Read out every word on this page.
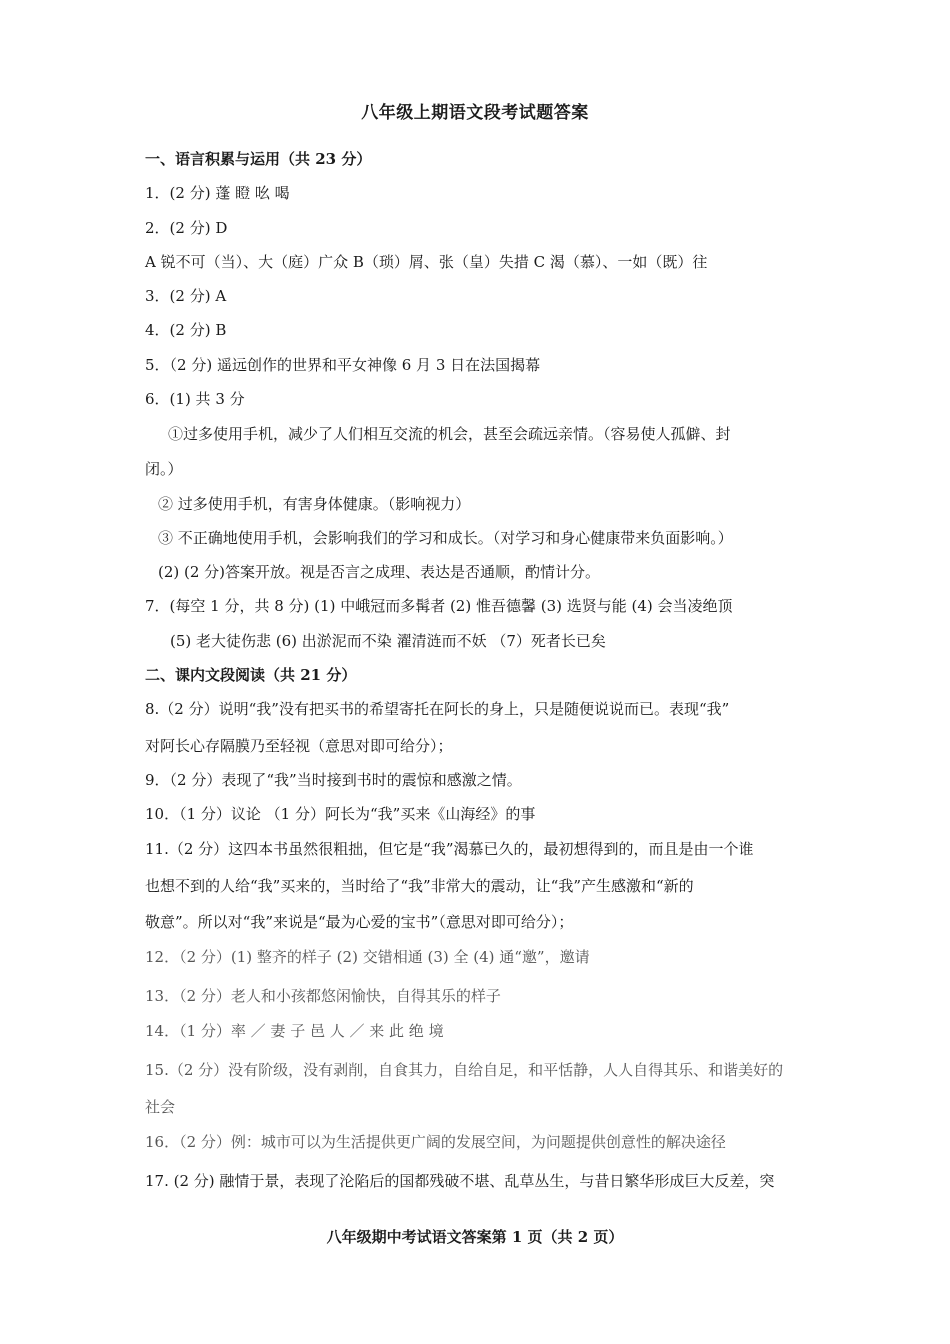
八年级上期语文段考试题答案
一、语言积累与运用（共 23 分）
1．(2 分) 蓬 瞪 吆 喝
2．(2 分) D
A 锐不可（当）、大（庭）广众 B（琐）屑、张（皇）失措 C 渴（慕）、一如（既）往
3．(2 分) A
4．(2 分) B
5．（2 分) 遥远创作的世界和平女神像 6 月 3 日在法国揭幕
6．(1) 共 3 分
①过多使用手机，减少了人们相互交流的机会，甚至会疏远亲情。（容易使人孤僻、封
闭。）
② 过多使用手机，有害身体健康。（影响视力）
③ 不正确地使用手机，会影响我们的学习和成长。（对学习和身心健康带来负面影响。）
(2) (2 分)答案开放。视是否言之成理、表达是否通顺，酌情计分。
7．(每空 1 分，共 8 分) (1) 中峨冠而多髯者 (2) 惟吾德馨 (3) 选贤与能 (4) 会当凌绝顶
(5) 老大徒伤悲 (6) 出淤泥而不染 濯清涟而不妖 （7）死者长已矣
二、课内文段阅读（共 21 分）
8.（2 分）说明“我”没有把买书的希望寄托在阿长的身上，只是随便说说而已。表现“我”
对阿长心存隔膜乃至轻视（意思对即可给分）；
9．（2 分）表现了“我”当时接到书时的震惊和感激之情。
10．（1 分）议论 （1 分）阿长为“我”买来《山海经》的事
11.（2 分）这四本书虽然很粗拙，但它是“我”渴慕已久的，最初想得到的，而且是由一个谁
也想不到的人给“我”买来的，当时给了“我”非常大的震动，让“我”产生感激和“新的
敬意”。所以对“我”来说是“最为心爱的宝书”（意思对即可给分）；
12．（2 分）(1) 整齐的样子 (2) 交错相通 (3) 全 (4) 通“邀”，邀请
13．（2 分）老人和小孩都悠闲愉快，自得其乐的样子
14．（1 分）率 ／ 妻 子 邑 人 ／ 来 此 绝 境
15.（2 分）没有阶级，没有剥削，自食其力，自给自足，和平恬静，人人自得其乐、和谐美好的
社会
16．（2 分）例：城市可以为生活提供更广阔的发展空间，为问题提供创意性的解决途径
17. (2 分) 融情于景，表现了沦陷后的国都残破不堪、乱草丛生，与昔日繁华形成巨大反差，突
八年级期中考试语文答案第 1 页（共 2 页）
